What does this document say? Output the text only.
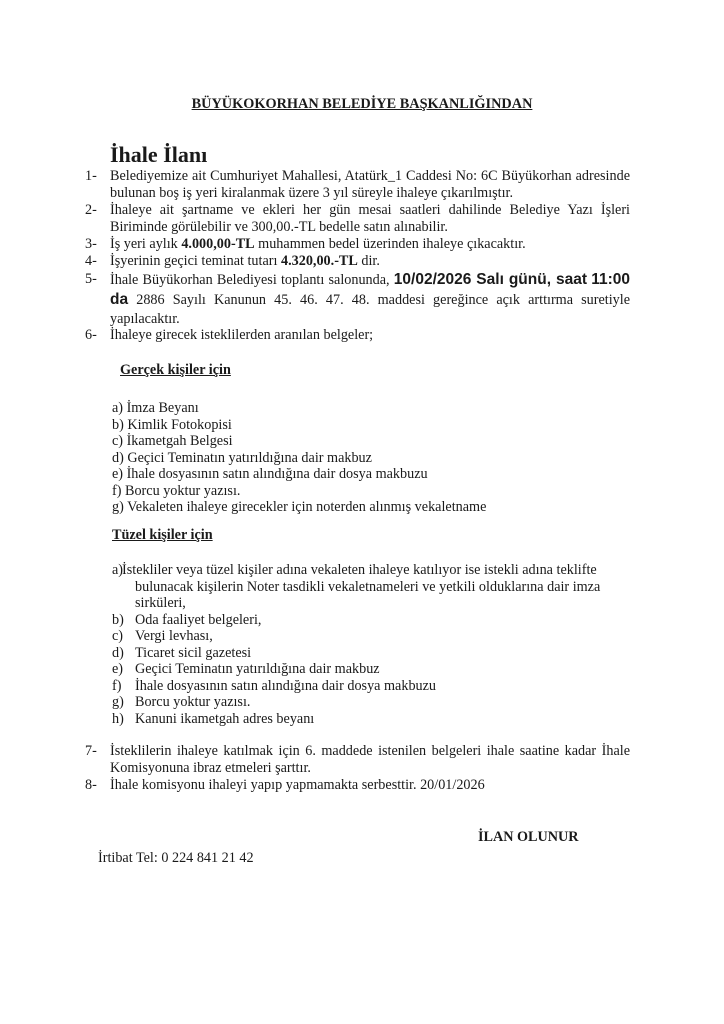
BÜYÜKOKORHAN BELEDİYE BAŞKANLIĞINDAN
İhale İlanı
1- Belediyemize ait Cumhuriyet Mahallesi, Atatürk_1 Caddesi No: 6C Büyükorhan adresinde bulunan boş iş yeri kiralanmak üzere 3 yıl süreyle ihaleye çıkarılmıştır.
2- İhaleye ait şartname ve ekleri her gün mesai saatleri dahilinde Belediye Yazı İşleri Biriminde görülebilir ve 300,00.-TL bedelle satın alınabilir.
3- İş yeri aylık 4.000,00-TL muhammen bedel üzerinden ihaleye çıkacaktır.
4- İşyerinin geçici teminat tutarı 4.320,00.-TL dir.
5- İhale Büyükorhan Belediyesi toplantı salonunda, 10/02/2026 Salı günü, saat 11:00 da 2886 Sayılı Kanunun 45. 46. 47. 48. maddesi gereğince açık arttırma suretiyle yapılacaktır.
6- İhaleye girecek isteklilerden aranılan belgeler;
Gerçek kişiler için
a) İmza Beyanı
b) Kimlik Fotokopisi
c) İkametgah Belgesi
d) Geçici Teminatın yatırıldığına dair makbuz
e) İhale dosyasının satın alındığına dair dosya makbuzu
f) Borcu yoktur yazısı.
g) Vekaleten ihaleye girecekler için noterden alınmış vekaletname
Tüzel kişiler için
a)
İstekliler veya tüzel kişiler adına vekaleten ihaleye katılıyor ise istekli adına teklifte bulunacak kişilerin Noter tasdikli vekaletnameleri ve yetkili olduklarına dair imza sirküleri,
b) Oda faaliyet belgeleri,
c) Vergi levhası,
d) Ticaret sicil gazetesi
e) Geçici Teminatın yatırıldığına dair makbuz
f) İhale dosyasının satın alındığına dair dosya makbuzu
g) Borcu yoktur yazısı.
h) Kanuni ikametgah adres beyanı
7- İsteklilerin ihaleye katılmak için 6. maddede istenilen belgeleri ihale saatine kadar İhale Komisyonuna ibraz etmeleri şarttır.
8- İhale komisyonu ihaleyi yapıp yapmamakta serbesttir. 20/01/2026
İLAN OLUNUR
İrtibat Tel: 0 224 841 21 42
